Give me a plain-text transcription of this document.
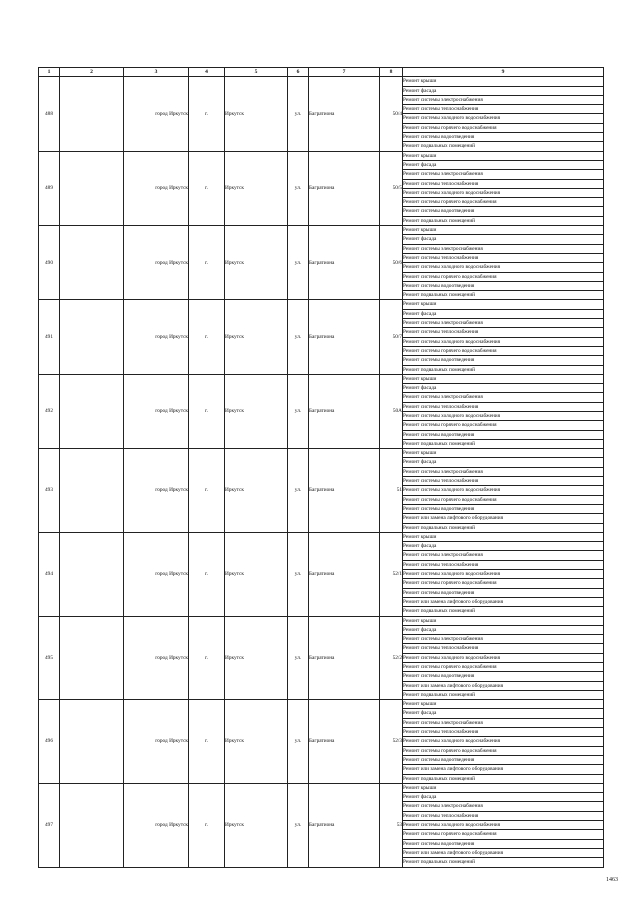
1	2	3	4	5	6	7	8	9
488		город Иркутск	г.	Иркутск	ул.	Багратиона	50/4	Ремонт крыши
								Ремонт фасада
								Ремонт системы электроснабжения
								Ремонт системы теплоснабжения
								Ремонт системы холодного водоснабжения
								Ремонт системы горячего водоснабжения
								Ремонт системы водоотведения
								Ремонт подвальных помещений
489		город Иркутск	г.	Иркутск	ул.	Багратиона	50/5	Ремонт крыши
								Ремонт фасада
								Ремонт системы электроснабжения
								Ремонт системы теплоснабжения
								Ремонт системы холодного водоснабжения
								Ремонт системы горячего водоснабжения
								Ремонт системы водоотведения
								Ремонт подвальных помещений
490		город Иркутск	г.	Иркутск	ул.	Багратиона	50/6	Ремонт крыши
								Ремонт фасада
								Ремонт системы электроснабжения
								Ремонт системы теплоснабжения
								Ремонт системы холодного водоснабжения
								Ремонт системы горячего водоснабжения
								Ремонт системы водоотведения
								Ремонт подвальных помещений
491		город Иркутск	г.	Иркутск	ул.	Багратиона	50/7	Ремонт крыши
								Ремонт фасада
								Ремонт системы электроснабжения
								Ремонт системы теплоснабжения
								Ремонт системы холодного водоснабжения
								Ремонт системы горячего водоснабжения
								Ремонт системы водоотведения
								Ремонт подвальных помещений
492		город Иркутск	г.	Иркутск	ул.	Багратиона	50А	Ремонт крыши
								Ремонт фасада
								Ремонт системы электроснабжения
								Ремонт системы теплоснабжения
								Ремонт системы холодного водоснабжения
								Ремонт системы горячего водоснабжения
								Ремонт системы водоотведения
								Ремонт подвальных помещений
493		город Иркутск	г.	Иркутск	ул.	Багратиона	51	Ремонт крыши
								Ремонт фасада
								Ремонт системы электроснабжения
								Ремонт системы теплоснабжения
								Ремонт системы холодного водоснабжения
								Ремонт системы горячего водоснабжения
								Ремонт системы водоотведения
								Ремонт или замена лифтового оборудования
								Ремонт подвальных помещений
494		город Иркутск	г.	Иркутск	ул.	Багратиона	52/1	Ремонт крыши
								Ремонт фасада
								Ремонт системы электроснабжения
								Ремонт системы теплоснабжения
								Ремонт системы холодного водоснабжения
								Ремонт системы горячего водоснабжения
								Ремонт системы водоотведения
								Ремонт или замена лифтового оборудования
								Ремонт подвальных помещений
495		город Иркутск	г.	Иркутск	ул.	Багратиона	52/2	Ремонт крыши
								Ремонт фасада
								Ремонт системы электроснабжения
								Ремонт системы теплоснабжения
								Ремонт системы холодного водоснабжения
								Ремонт системы горячего водоснабжения
								Ремонт системы водоотведения
								Ремонт или замена лифтового оборудования
								Ремонт подвальных помещений
496		город Иркутск	г.	Иркутск	ул.	Багратиона	52/3	Ремонт крыши
								Ремонт фасада
								Ремонт системы электроснабжения
								Ремонт системы теплоснабжения
								Ремонт системы холодного водоснабжения
								Ремонт системы горячего водоснабжения
								Ремонт системы водоотведения
								Ремонт или замена лифтового оборудования
								Ремонт подвальных помещений
497		город Иркутск	г.	Иркутск	ул.	Багратиона	53	Ремонт крыши
								Ремонт фасада
								Ремонт системы электроснабжения
								Ремонт системы теплоснабжения
								Ремонт системы холодного водоснабжения
								Ремонт системы горячего водоснабжения
								Ремонт системы водоотведения
								Ремонт или замена лифтового оборудования
								Ремонт подвальных помещений
1463
